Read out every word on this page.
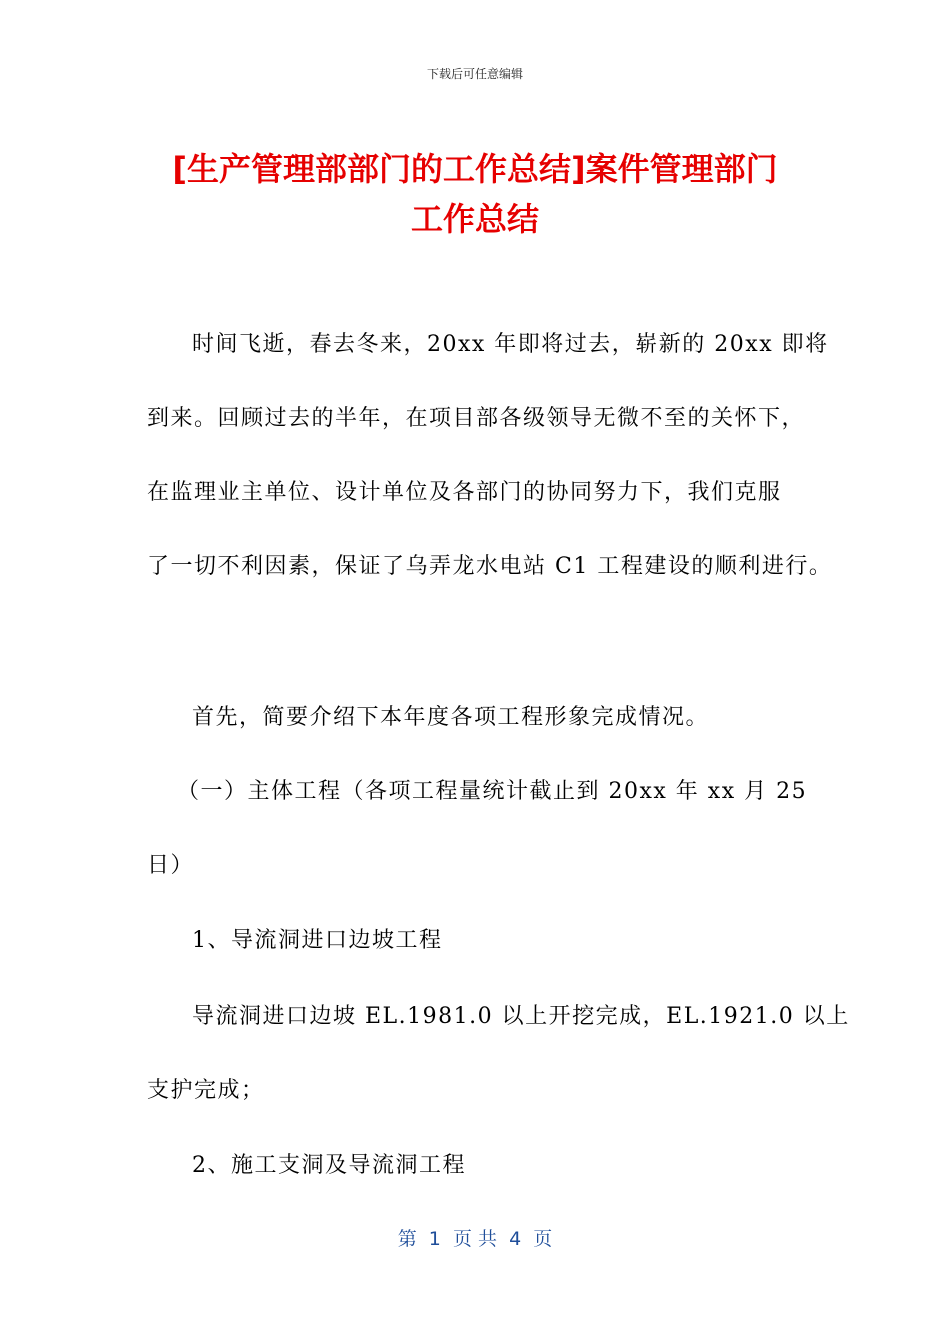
下载后可任意编辑
[生产管理部部门的工作总结]案件管理部门
工作总结
时间飞逝，春去冬来，20xx 年即将过去，崭新的 20xx 即将
到来。回顾过去的半年，在项目部各级领导无微不至的关怀下，
在监理业主单位、设计单位及各部门的协同努力下，我们克服
了一切不利因素，保证了乌弄龙水电站 C1 工程建设的顺利进行。
首先，简要介绍下本年度各项工程形象完成情况。
（一）主体工程（各项工程量统计截止到 20xx 年 xx 月 25
日）
1、导流洞进口边坡工程
导流洞进口边坡 EL.1981.0 以上开挖完成，EL.1921.0 以上
支护完成；
2、施工支洞及导流洞工程
第  1  页 共  4  页
